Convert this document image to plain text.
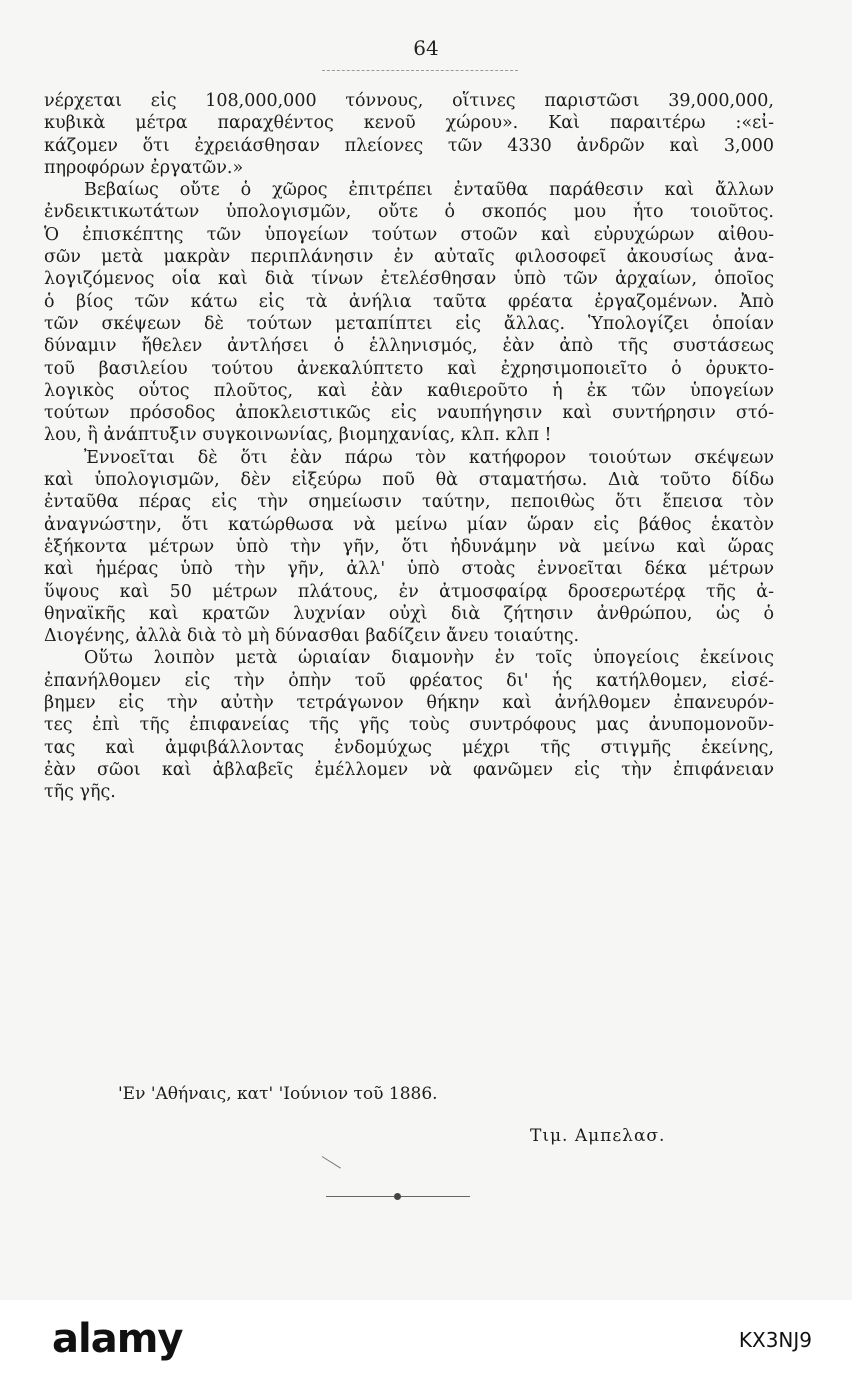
64
νέρχεται εἰς 108,000,000 τόννους, οἵτινες παριστῶσι 39,000,000,
κυβικὰ μέτρα παραχθέντος κενοῦ χώρου». Καὶ παραιτέρω :«εἰ-
κάζομεν ὅτι ἐχρειάσθησαν πλείονες τῶν 4330 ἀνδρῶν καὶ 3,000
πηροφόρων ἐργατῶν.»
Βεβαίως οὔτε ὁ χῶρος ἐπιτρέπει ἐνταῦθα παράθεσιν καὶ ἄλλων
ἐνδεικτικωτάτων ὑπολογισμῶν, οὔτε ὁ σκοπός μου ἦτο τοιοῦτος.
Ὁ ἐπισκέπτης τῶν ὑπογείων τούτων στοῶν καὶ εὐρυχώρων αἰθου-
σῶν μετὰ μακρὰν περιπλάνησιν ἐν αὐταῖς φιλοσοφεῖ ἀκουσίως ἀνα-
λογιζόμενος οἷα καὶ διὰ τίνων ἐτελέσθησαν ὑπὸ τῶν ἀρχαίων, ὁποῖος
ὁ βίος τῶν κάτω εἰς τὰ ἀνήλια ταῦτα φρέατα ἐργαζομένων. Ἀπὸ
τῶν σκέψεων δὲ τούτων μεταπίπτει εἰς ἄλλας. Ὑπολογίζει ὁποίαν
δύναμιν ἤθελεν ἀντλήσει ὁ ἑλληνισμός, ἐὰν ἀπὸ τῆς συστάσεως
τοῦ βασιλείου τούτου ἀνεκαλύπτετο καὶ ἐχρησιμοποιεῖτο ὁ ὀρυκτο-
λογικὸς οὗτος πλοῦτος, καὶ ἐὰν καθιεροῦτο ἡ ἐκ τῶν ὑπογείων
τούτων πρόσοδος ἀποκλειστικῶς εἰς ναυπήγησιν καὶ συντήρησιν στό-
λου, ἢ ἀνάπτυξιν συγκοινωνίας, βιομηχανίας, κλπ. κλπ !
Ἐννοεῖται δὲ ὅτι ἐὰν πάρω τὸν κατήφορον τοιούτων σκέψεων
καὶ ὑπολογισμῶν, δὲν εἰξεύρω ποῦ θὰ σταματήσω. Διὰ τοῦτο δίδω
ἐνταῦθα πέρας εἰς τὴν σημείωσιν ταύτην, πεποιθὼς ὅτι ἔπεισα τὸν
ἀναγνώστην, ὅτι κατώρθωσα νὰ μείνω μίαν ὥραν εἰς βάθος ἑκατὸν
ἑξήκοντα μέτρων ὑπὸ τὴν γῆν, ὅτι ἠδυνάμην νὰ μείνω καὶ ὥρας
καὶ ἡμέρας ὑπὸ τὴν γῆν, ἀλλ' ὑπὸ στοὰς ἐννοεῖται δέκα μέτρων
ὕψους καὶ 50 μέτρων πλάτους, ἐν ἀτμοσφαίρᾳ δροσερωτέρᾳ τῆς ἀ-
θηναϊκῆς καὶ κρατῶν λυχνίαν οὐχὶ διὰ ζήτησιν ἀνθρώπου, ὡς ὁ
Διογένης, ἀλλὰ διὰ τὸ μὴ δύνασθαι βαδίζειν ἄνευ τοιαύτης.
Οὕτω λοιπὸν μετὰ ὡριαίαν διαμονὴν ἐν τοῖς ὑπογείοις ἐκείνοις
ἐπανήλθομεν εἰς τὴν ὀπὴν τοῦ φρέατος δι' ἧς κατήλθομεν, εἰσέ-
βημεν εἰς τὴν αὐτὴν τετράγωνον θήκην καὶ ἀνήλθομεν ἐπανευρόν-
τες ἐπὶ τῆς ἐπιφανείας τῆς γῆς τοὺς συντρόφους μας ἀνυπομονοῦν-
τας καὶ ἀμφιβάλλοντας ἐνδομύχως μέχρι τῆς στιγμῆς ἐκείνης,
ἐὰν σῶοι καὶ ἀβλαβεῖς ἐμέλλομεν νὰ φανῶμεν εἰς τὴν ἐπιφάνειαν
τῆς γῆς.
'Εν 'Αθήναις, κατ' 'Ιούνιον τοῦ 1886.
Τιμ. Αμπελασ.
alamy	KX3NJ9
